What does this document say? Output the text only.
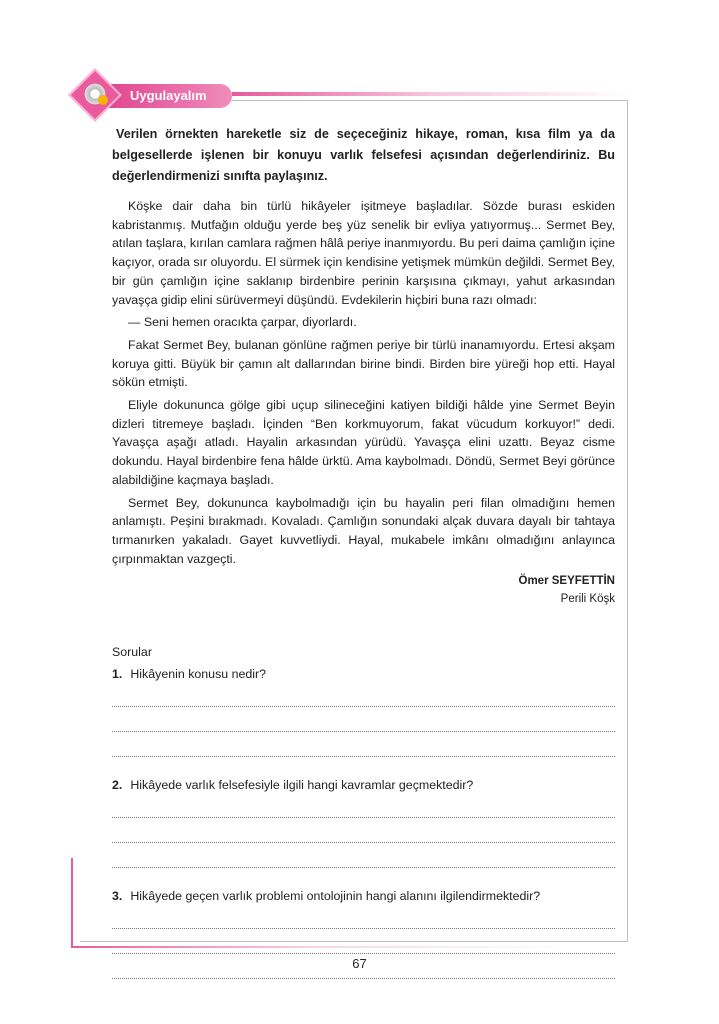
Uygulayalım
Verilen örnekten hareketle siz de seçeceğiniz hikaye, roman, kısa film ya da belgesellerde işlenen bir konuyu varlık felsefesi açısından değerlendiriniz. Bu değerlendirmenizi sınıfta paylaşınız.

Köşke dair daha bin türlü hikâyeler işitmeye başladılar. Sözde burası eskiden kabristanmış. Mutfağın olduğu yerde beş yüz senelik bir evliya yatıyormuş... Sermet Bey, atılan taşlara, kırılan camlara rağmen hâlâ periye inanmıyordu. Bu peri daima çamlığın içine kaçıyor, orada sır oluyordu. El sürmek için kendisine yetişmek mümkün değildi. Sermet Bey, bir gün çamlığın içine saklanıp birdenbire perinin karşısına çıkmayı, yahut arkasından yavaşça gidip elini sürüvermeyi düşündü. Evdekilerin hiçbiri buna razı olmadı:

— Seni hemen oracıkta çarpar, diyorlardı.

Fakat Sermet Bey, bulanan gönlüne rağmen periye bir türlü inanamıyordu. Ertesi akşam koruya gitti. Büyük bir çamın alt dallarından birine bindi. Birden bire yüreği hop etti. Hayal sökün etmişti.

Eliyle dokununca gölge gibi uçup silineceğini katiyen bildiği hâlde yine Sermet Beyin dizleri titremeye başladı. İçinden “Ben korkmuyorum, fakat vücudum korkuyor!” dedi. Yavaşça aşağı atladı. Hayalin arkasından yürüdü. Yavaşça elini uzattı. Beyaz cisme dokundu. Hayal birdenbire fena hâlde ürktü. Ama kaybolmadı. Döndü, Sermet Beyi görünce alabildiğine kaçmaya başladı.

Sermet Bey, dokununca kaybolmadığı için bu hayalin peri filan olmadığını hemen anlamıştı. Peşini bırakmadı. Kovaladı. Çamlığın sonundaki alçak duvara dayalı bir tahtaya tırmanırken yakaladı. Gayet kuvvetliydi. Hayal, mukabele imkânı olmadığını anlayınca çırpınmaktan vazgeçti.

Ömer SEYFETTİN
Perili Köşk
Sorular
1. Hikâyenin konusu nedir?
2. Hikâyede varlık felsefesiyle ilgili hangi kavramlar geçmektedir?
3. Hikâyede geçen varlık problemi ontolojinin hangi alanını ilgilendirmektedir?
67
